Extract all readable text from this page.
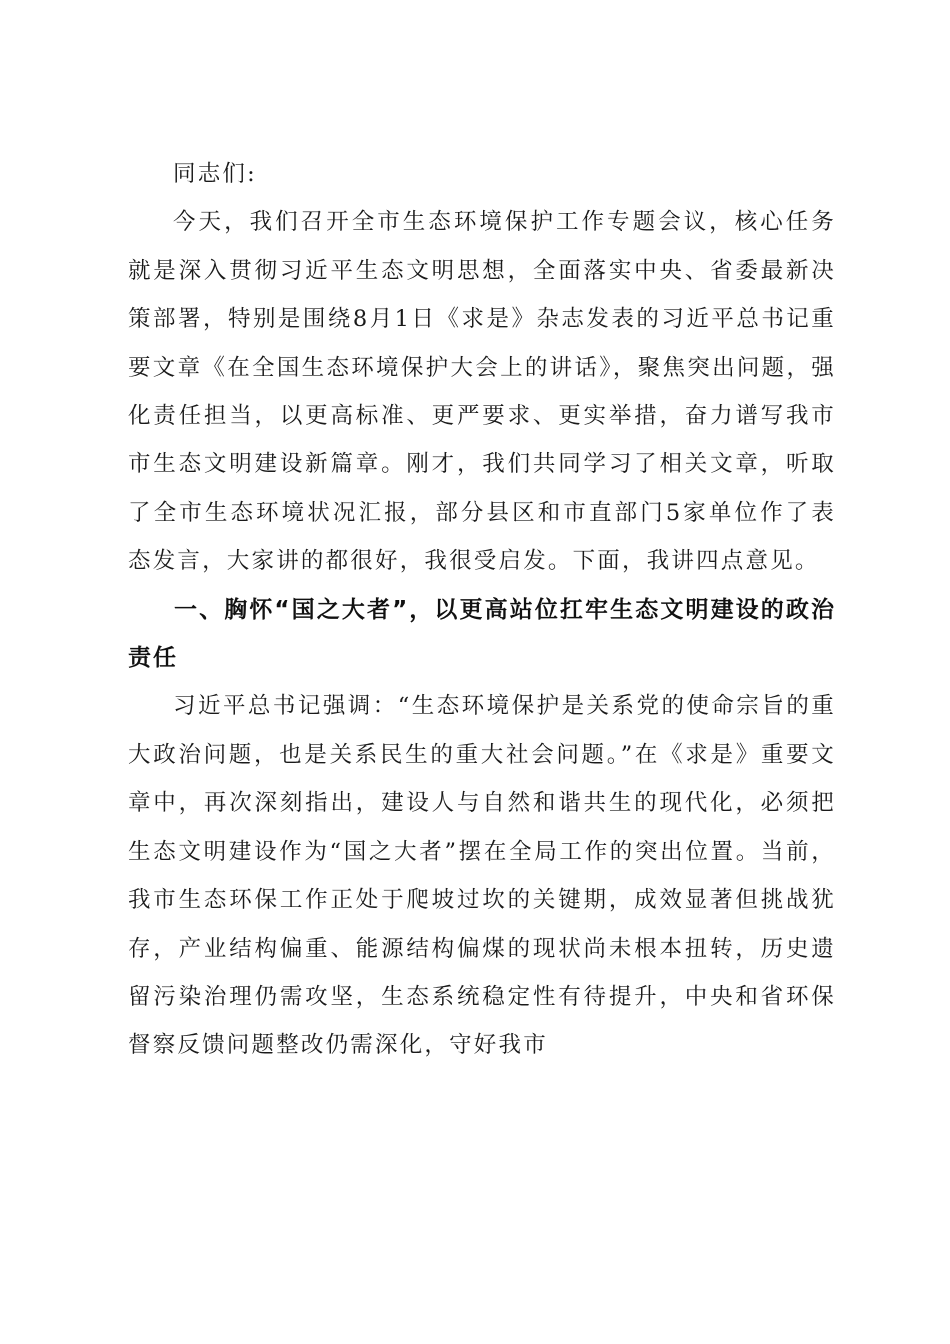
同志们:

今天，我们召开全市生态环境保护工作专题会议，核心任务就是深入贯彻习近平生态文明思想，全面落实中央、省委最新决策部署，特别是围绕8月1日《求是》杂志发表的习近平总书记重要文章《在全国生态环境保护大会上的讲话》，聚焦突出问题，强化责任担当，以更高标准、更严要求、更实举措，奋力谱写我市市生态文明建设新篇章。刚才，我们共同学习了相关文章，听取了全市生态环境状况汇报，部分县区和市直部门5家单位作了表态发言，大家讲的都很好，我很受启发。下面，我讲四点意见。

一、胸怀“国之大者”，以更高站位扛牢生态文明建设的政治责任

习近平总书记强调：“生态环境保护是关系党的使命宗旨的重大政治问题，也是关系民生的重大社会问题。”在《求是》重要文章中，再次深刻指出，建设人与自然和谐共生的现代化，必须把生态文明建设作为“国之大者”摆在全局工作的突出位置。当前，我市生态环保工作正处于爬坡过坎的关键期，成效显著但挑战犹存，产业结构偏重、能源结构偏煤的现状尚未根本扭转，历史遗留污染治理仍需攻坚，生态系统稳定性有待提升，中央和省环保督察反馈问题整改仍需深化，守好我市
